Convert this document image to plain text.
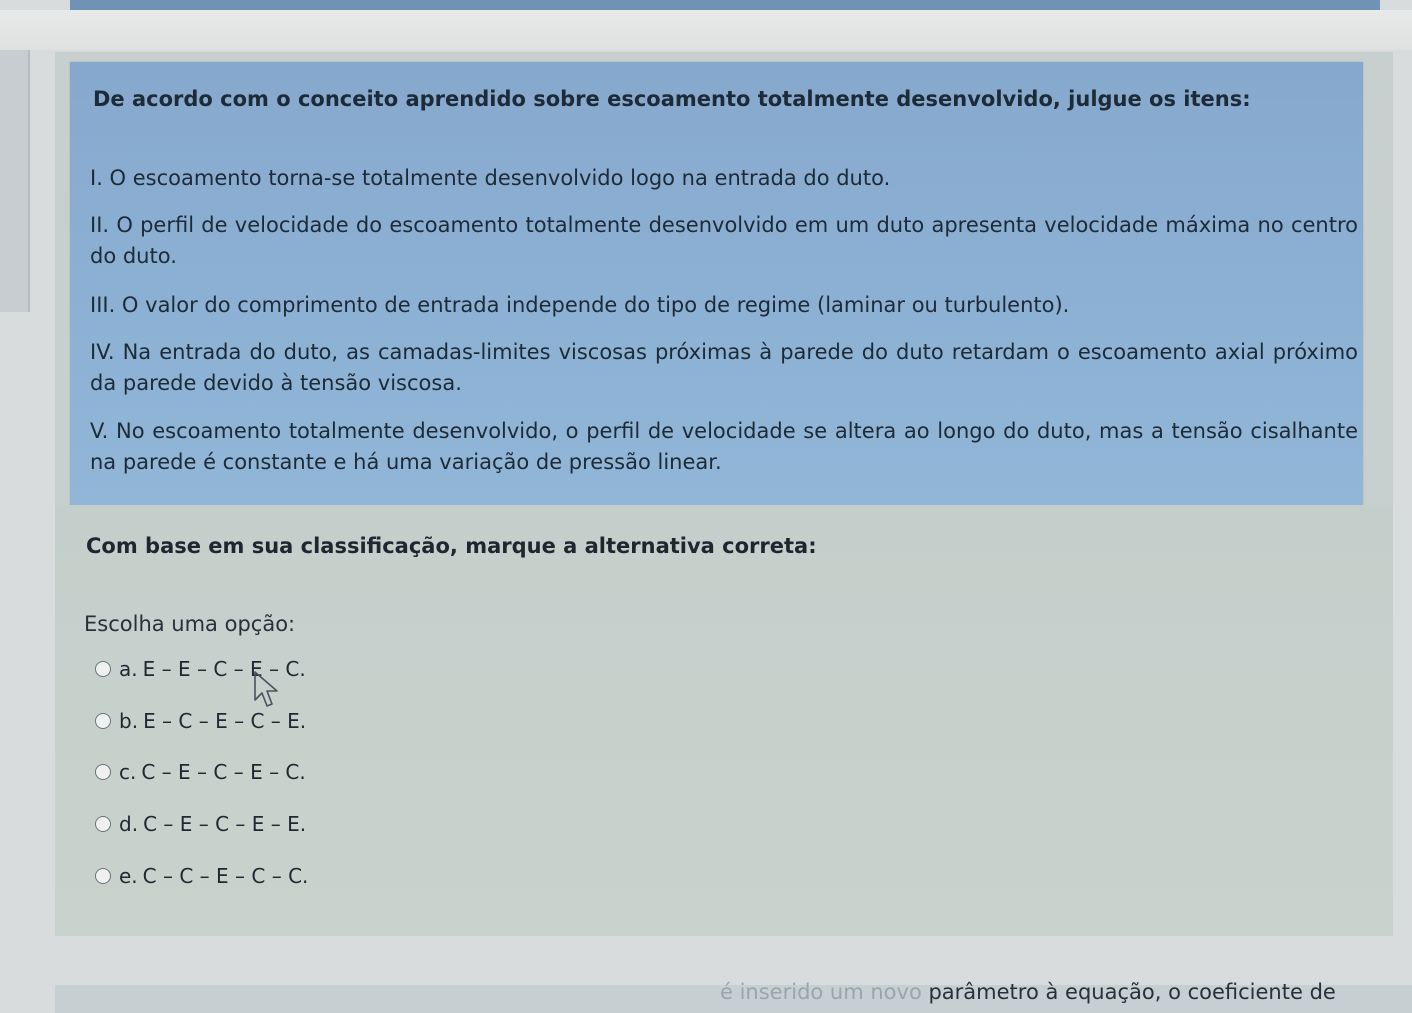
De acordo com o conceito aprendido sobre escoamento totalmente desenvolvido, julgue os itens:
I. O escoamento torna-se totalmente desenvolvido logo na entrada do duto.
II. O perfil de velocidade do escoamento totalmente desenvolvido em um duto apresenta velocidade máxima no centro do duto.
III. O valor do comprimento de entrada independe do tipo de regime (laminar ou turbulento).
IV. Na entrada do duto, as camadas-limites viscosas próximas à parede do duto retardam o escoamento axial próximo da parede devido à tensão viscosa.
V. No escoamento totalmente desenvolvido, o perfil de velocidade se altera ao longo do duto, mas a tensão cisalhante na parede é constante e há uma variação de pressão linear.
Com base em sua classificação, marque a alternativa correta:
Escolha uma opção:
a. E – E – C – E – C.
b. E – C – E – C – E.
c. C – E – C – E – C.
d. C – E – C – E – E.
e. C – C – E – C – C.
é inserido um novo parâmetro à equação, o coeficiente de
